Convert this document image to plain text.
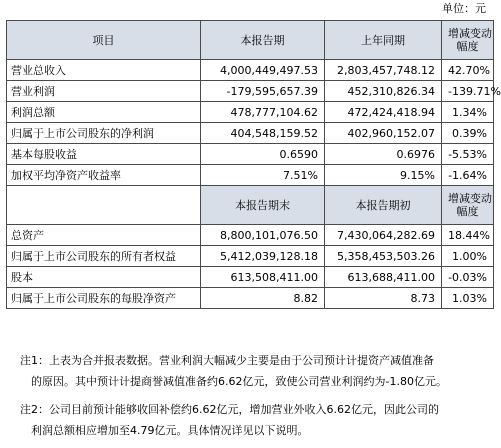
单位：元
项目	本报告期	上年同期	增减变动
幅度

营业总收入	4,000,449,497.53	2,803,457,748.12	42.70%
营业利润	-179,595,657.39	452,310,826.34	-139.71%
利润总额	478,777,104.62	472,424,418.94	1.34%
归属于上市公司股东的净利润	404,548,159.52	402,960,152.07	0.39%
基本每股收益	0.6590	0.6976	-5.53%
加权平均净资产收益率	7.51%	9.15%	-1.64%
	本报告期末	本报告期初	增减变动
幅度

总资产	8,800,101,076.50	7,430,064,282.69	18.44%
归属于上市公司股东的所有者权益	5,412,039,128.18	5,358,453,503.26	1.00%
股本	613,508,411.00	613,688,411.00	-0.03%
归属于上市公司股东的每股净资产	8.82	8.73	1.03%
注1：上表为合并报表数据。营业利润大幅减少主要是由于公司预计计提资产减值准备
的原因。其中预计计提商誉减值准备约6.62亿元，致使公司营业利润约为-1.80亿元。
注2：公司目前预计能够收回补偿约6.62亿元，增加营业外收入6.62亿元，因此公司的
利润总额相应增加至4.79亿元。具体情况详见以下说明。
